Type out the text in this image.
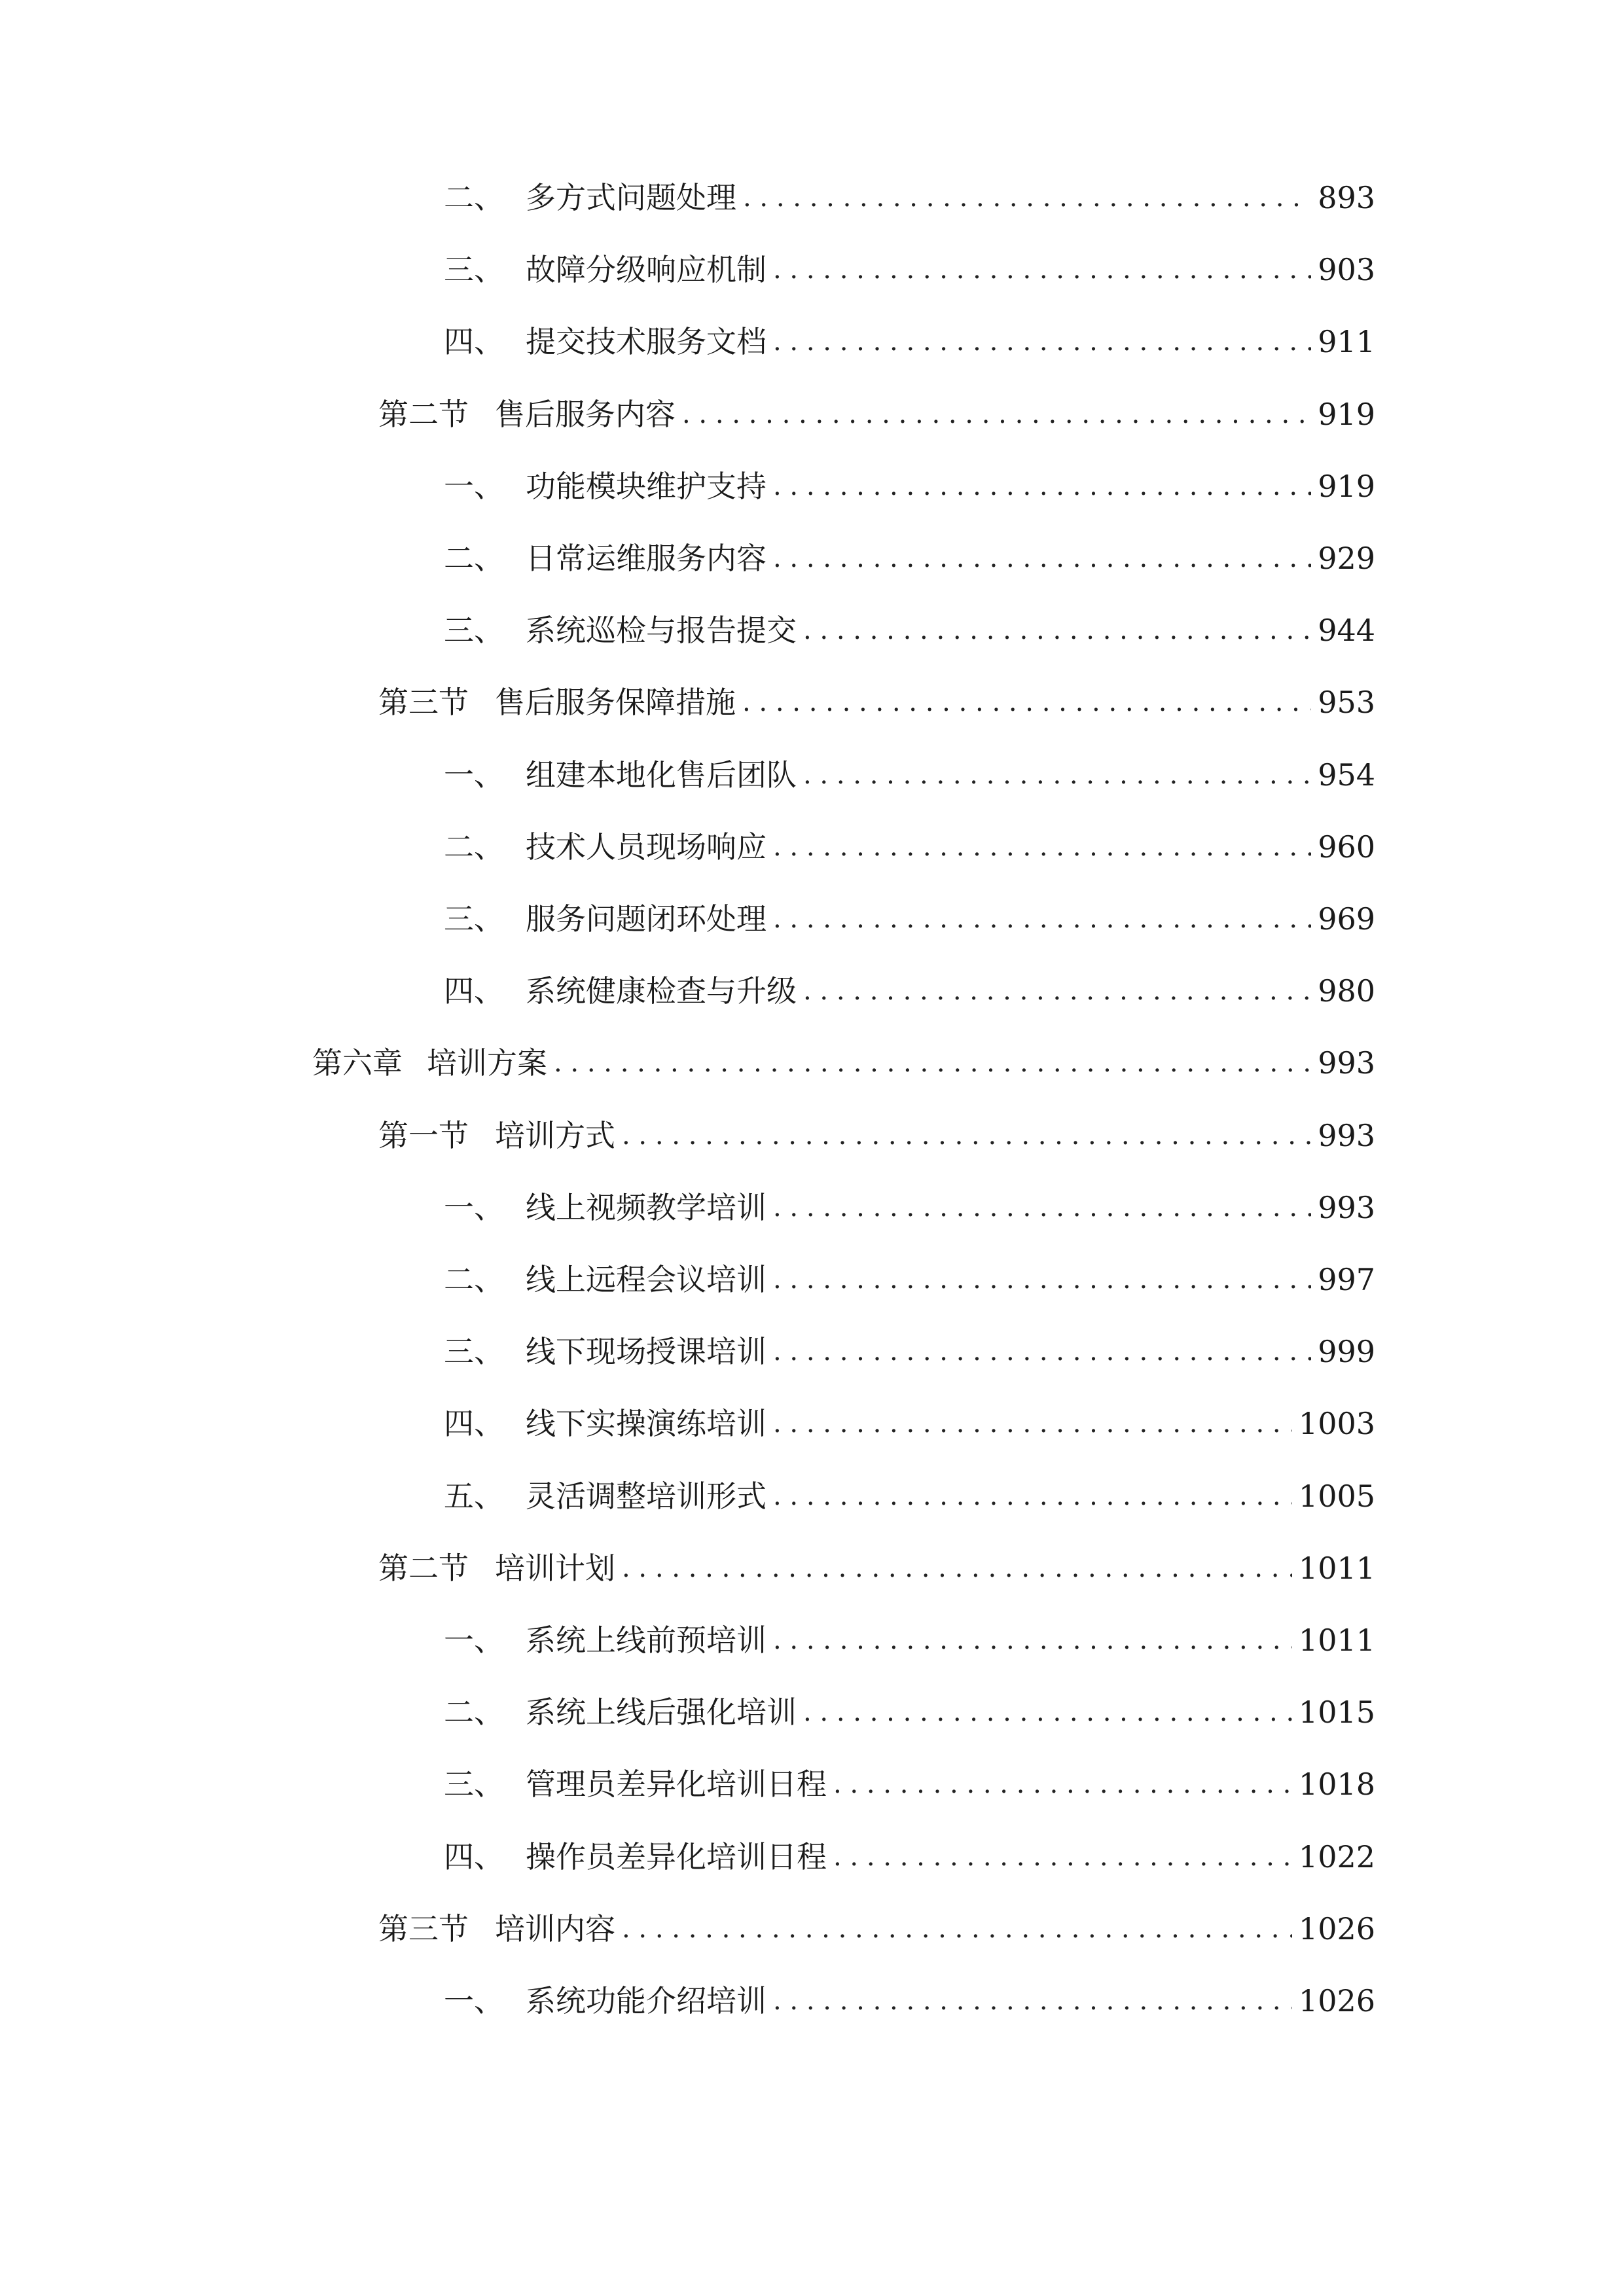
二、 多方式问题处理 . . .	893
三、 故障分级响应机制 . . .	903
四、 提交技术服务文档 . . .	911
第二节 售后服务内容 . . .	919
一、 功能模块维护支持 . . .	919
二、 日常运维服务内容 . . .	929
三、 系统巡检与报告提交 . . .	944
第三节 售后服务保障措施 . . .	953
一、 组建本地化售后团队 . . .	954
二、 技术人员现场响应 . . .	960
三、 服务问题闭环处理 . . .	969
四、 系统健康检查与升级 . . .	980
第六章 培训方案 . . .	993
第一节 培训方式 . . .	993
一、 线上视频教学培训 . . .	993
二、 线上远程会议培训 . . .	997
三、 线下现场授课培训 . . .	999
四、 线下实操演练培训 . . .	1003
五、 灵活调整培训形式 . . .	1005
第二节 培训计划 . . .	1011
一、 系统上线前预培训 . . .	1011
二、 系统上线后强化培训 . . .	1015
三、 管理员差异化培训日程 . . .	1018
四、 操作员差异化培训日程 . . .	1022
第三节 培训内容 . . .	1026
一、 系统功能介绍培训 . . .	1026
